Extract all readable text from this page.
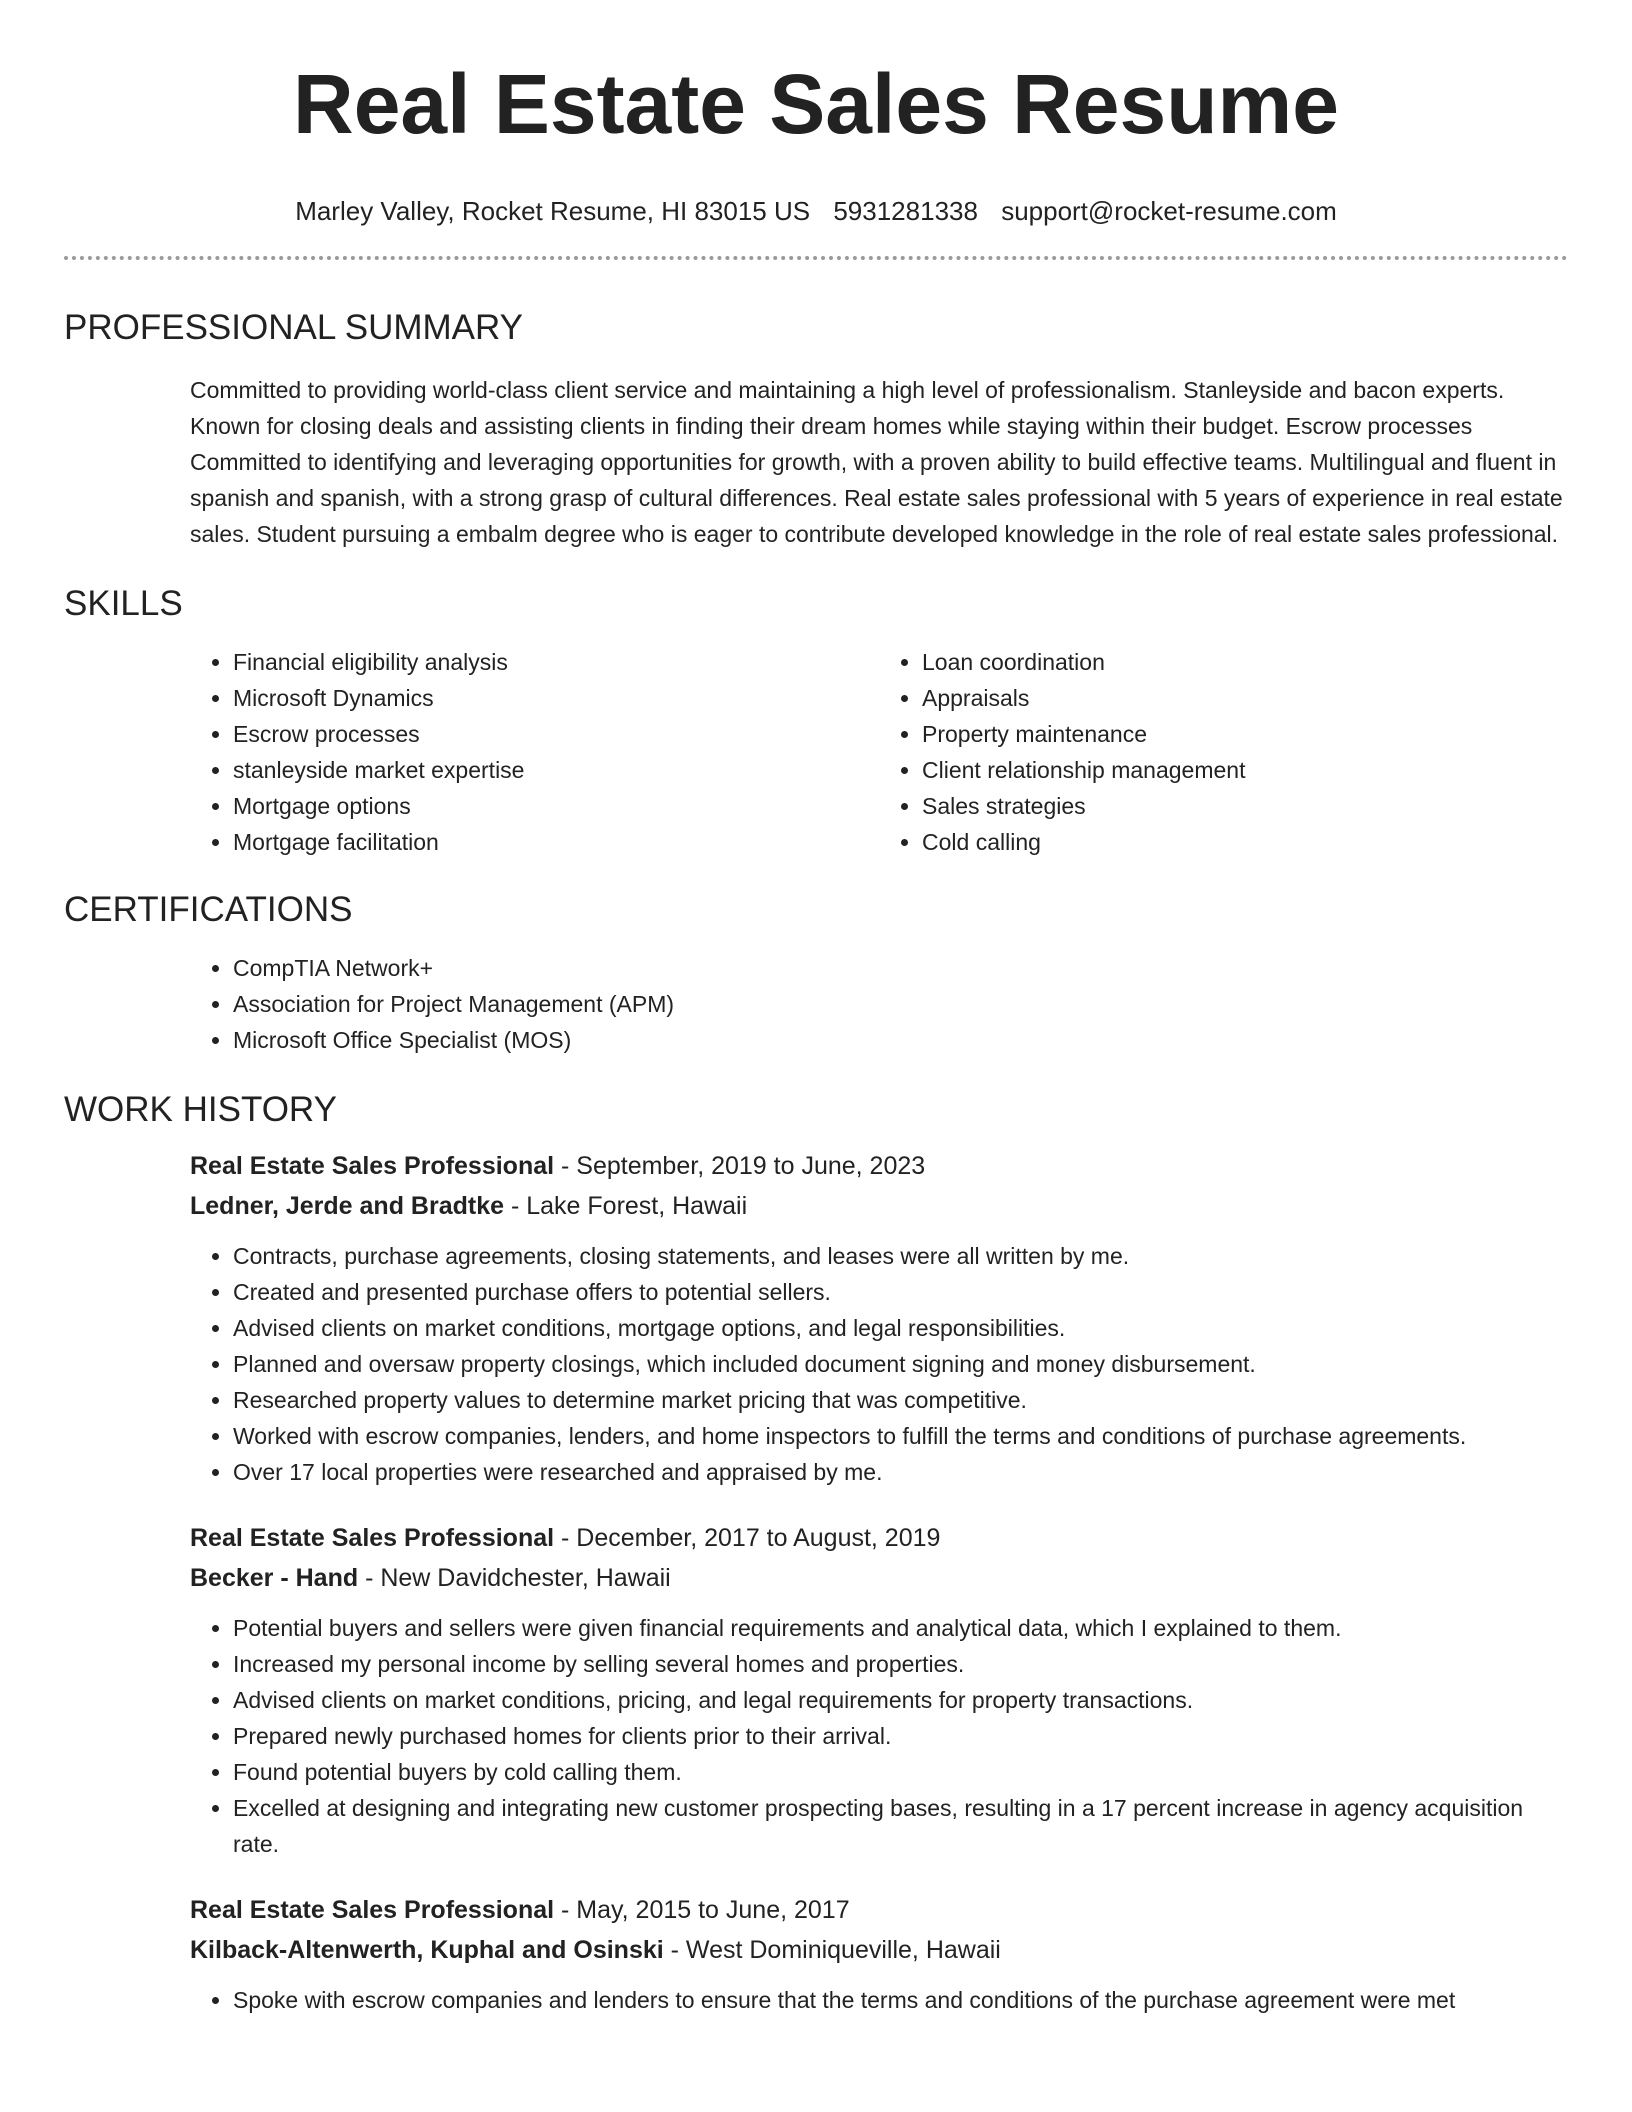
Real Estate Sales Resume
Marley Valley, Rocket Resume, HI 83015 US 5931281338 support@rocket-resume.com
PROFESSIONAL SUMMARY

Committed to providing world-class client service and maintaining a high level of professionalism. Stanleyside and bacon experts. Known for closing deals and assisting clients in finding their dream homes while staying within their budget. Escrow processes Committed to identifying and leveraging opportunities for growth, with a proven ability to build effective teams. Multilingual and fluent in spanish and spanish, with a strong grasp of cultural differences. Real estate sales professional with 5 years of experience in real estate sales. Student pursuing a embalm degree who is eager to contribute developed knowledge in the role of real estate sales professional.

SKILLS
• Financial eligibility analysis
• Microsoft Dynamics
• Escrow processes
• stanleyside market expertise
• Mortgage options
• Mortgage facilitation
• Loan coordination
• Appraisals
• Property maintenance
• Client relationship management
• Sales strategies
• Cold calling
CERTIFICATIONS
• CompTIA Network+
• Association for Project Management (APM)
• Microsoft Office Specialist (MOS)
WORK HISTORY
Real Estate Sales Professional - September, 2019 to June, 2023
Ledner, Jerde and Bradtke - Lake Forest, Hawaii
• Contracts, purchase agreements, closing statements, and leases were all written by me.
• Created and presented purchase offers to potential sellers.
• Advised clients on market conditions, mortgage options, and legal responsibilities.
• Planned and oversaw property closings, which included document signing and money disbursement.
• Researched property values to determine market pricing that was competitive.
• Worked with escrow companies, lenders, and home inspectors to fulfill the terms and conditions of purchase agreements.
• Over 17 local properties were researched and appraised by me.
Real Estate Sales Professional - December, 2017 to August, 2019
Becker - Hand - New Davidchester, Hawaii
• Potential buyers and sellers were given financial requirements and analytical data, which I explained to them.
• Increased my personal income by selling several homes and properties.
• Advised clients on market conditions, pricing, and legal requirements for property transactions.
• Prepared newly purchased homes for clients prior to their arrival.
• Found potential buyers by cold calling them.
• Excelled at designing and integrating new customer prospecting bases, resulting in a 17 percent increase in agency acquisition rate.
Real Estate Sales Professional - May, 2015 to June, 2017
Kilback-Altenwerth, Kuphal and Osinski - West Dominiqueville, Hawaii
• Spoke with escrow companies and lenders to ensure that the terms and conditions of the purchase agreement were met
